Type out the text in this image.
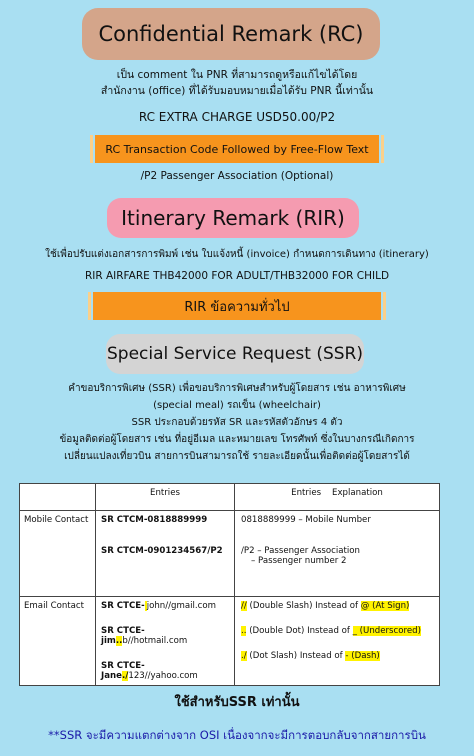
Confidential Remark (RC)
เป็น comment ใน PNR ที่สามารถดูหรือแก้ไขได้โดย
สำนักงาน (office) ที่ได้รับมอบหมายเมื่อได้รับ PNR นี้เท่านั้น
RC EXTRA CHARGE USD50.00/P2
RC Transaction Code Followed by Free-Flow Text
/P2 Passenger Association (Optional)
Itinerary Remark (RIR)
ใช้เพื่อปรับแต่งเอกสารการพิมพ์ เช่น ใบแจ้งหนี้ (invoice) กำหนดการเดินทาง (itinerary)
RIR AIRFARE THB42000 FOR ADULT/THB32000 FOR CHILD
RIR ข้อความทั่วไป
Special Service Request (SSR)
คำขอบริการพิเศษ (SSR) เพื่อขอบริการพิเศษสำหรับผู้โดยสาร เช่น อาหารพิเศษ
(special meal) รถเข็น (wheelchair)
SSR ประกอบด้วยรหัส SR และรหัสตัวอักษร 4 ตัว
ข้อมูลติดต่อผู้โดยสาร เช่น ที่อยู่อีเมล และหมายเลข โทรศัพท์ ซึ่งในบางกรณีเกิดการ
เปลี่ยนแปลงเที่ยวบิน สายการบินสามารถใช้ รายละเอียดนั้นเพื่อติดต่อผู้โดยสารได้
	Entries	Entries    Explanation
Mobile Contact	SR CTCM-0818889999
SR CTCM-0901234567/P2	0818889999 – Mobile Number
/P2 – Passenger Association
– Passenger number 2

Email Contact	SR CTCE- john//gmail.com
SR CTCE-jim..b//hotmail.com
SR CTCE-Jane./123//yahoo.com	// (Double Slash) Instead of @ (At Sign)
.. (Double Dot) Instead of _ (Underscored)
./ (Dot Slash) Instead of - (Dash)
ใช้สำหรับSSR เท่านั้น
**SSR จะมีความแตกต่างจาก OSI เนื่องจากจะมีการตอบกลับจากสายการบิน
